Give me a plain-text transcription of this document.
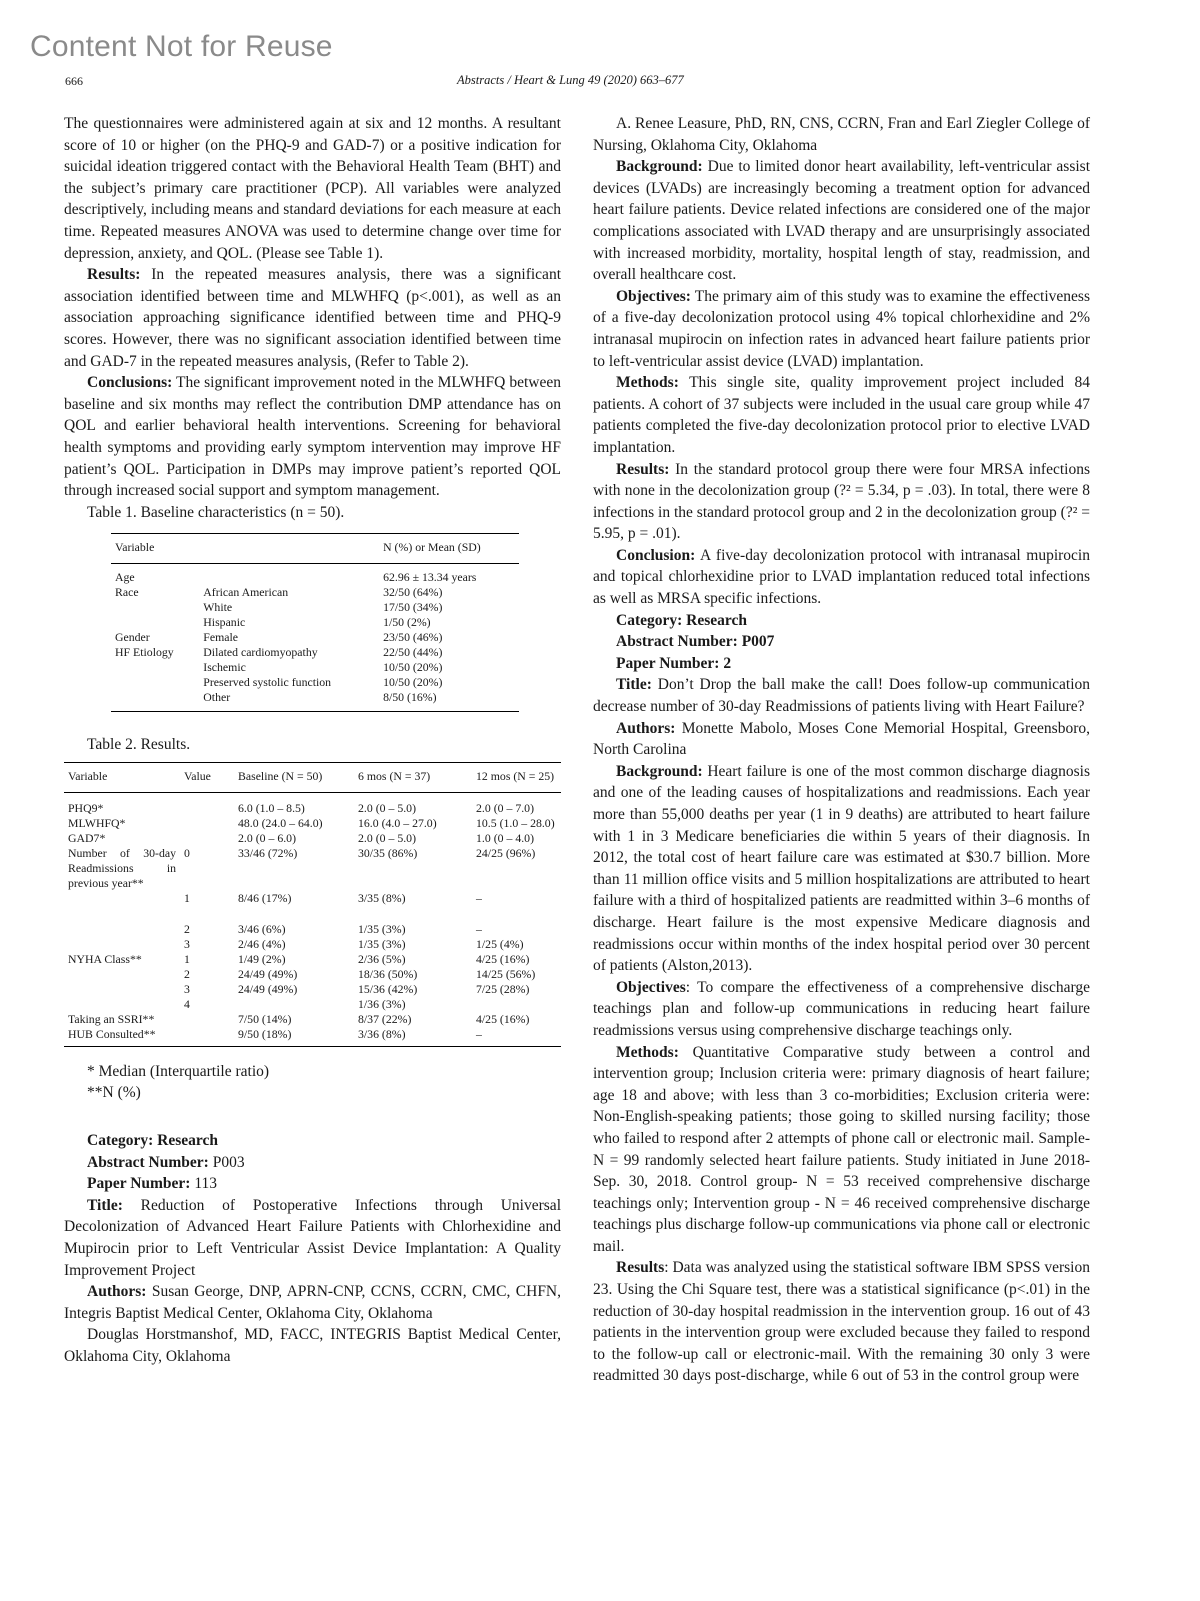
Content Not for Reuse
666	Abstracts / Heart & Lung 49 (2020) 663–677

The questionnaires were administered again at six and 12 months. A resultant score of 10 or higher (on the PHQ-9 and GAD-7) or a positive indication for suicidal ideation triggered contact with the Behavioral Health Team (BHT) and the subject’s primary care practitioner (PCP). All variables were analyzed descriptively, including means and standard deviations for each measure at each time. Repeated measures ANOVA was used to determine change over time for depression, anxiety, and QOL. (Please see Table 1).

Results: In the repeated measures analysis, there was a significant association identified between time and MLWHFQ (p<.001), as well as an association approaching significance identified between time and PHQ-9 scores. However, there was no significant association identified between time and GAD-7 in the repeated measures analysis, (Refer to Table 2).

Conclusions: The significant improvement noted in the MLWHFQ between baseline and six months may reflect the contribution DMP attendance has on QOL and earlier behavioral health interventions. Screening for behavioral health symptoms and providing early symptom intervention may improve HF patient’s QOL. Participation in DMPs may improve patient’s reported QOL through increased social support and symptom management.

Table 1. Baseline characteristics (n = 50).
Variable		N (%) or Mean (SD)
Age		62.96 ± 13.34 years
Race	African American	32/50 (64%)
	White	17/50 (34%)
	Hispanic	1/50 (2%)
Gender	Female	23/50 (46%)
HF Etiology	Dilated cardiomyopathy	22/50 (44%)
	Ischemic	10/50 (20%)
	Preserved systolic function	10/50 (20%)
	Other	8/50 (16%)
Table 2. Results.
Variable	Value	Baseline (N = 50)	6 mos (N = 37)	12 mos (N = 25)
PHQ9*		6.0 (1.0 – 8.5)	2.0 (0 – 5.0)	2.0 (0 – 7.0)
MLWHFQ*		48.0 (24.0 – 64.0)	16.0 (4.0 – 27.0)	10.5 (1.0 – 28.0)
GAD7*		2.0 (0 – 6.0)	2.0 (0 – 5.0)	1.0 (0 – 4.0)
Number of 30-day Readmissions in previous year**	0	33/46 (72%)	30/35 (86%)	24/25 (96%)
	1	8/46 (17%)	3/35 (8%)	–

	2	3/46 (6%)	1/35 (3%)	–
	3	2/46 (4%)	1/35 (3%)	1/25 (4%)
NYHA Class**	1	1/49 (2%)	2/36 (5%)	4/25 (16%)
	2	24/49 (49%)	18/36 (50%)	14/25 (56%)
	3	24/49 (49%)	15/36 (42%)	7/25 (28%)
	4		1/36 (3%)	
Taking an SSRI**		7/50 (14%)	8/37 (22%)	4/25 (16%)
HUB Consulted**		9/50 (18%)	3/36 (8%)	–
* Median (Interquartile ratio)
**N (%)

Category: Research

Abstract Number: P003

Paper Number: 113

Title: Reduction of Postoperative Infections through Universal Decolonization of Advanced Heart Failure Patients with Chlorhexidine and Mupirocin prior to Left Ventricular Assist Device Implantation: A Quality Improvement Project

Authors: Susan George, DNP, APRN-CNP, CCNS, CCRN, CMC, CHFN, Integris Baptist Medical Center, Oklahoma City, Oklahoma

Douglas Horstmanshof, MD, FACC, INTEGRIS Baptist Medical Center, Oklahoma City, Oklahoma

A. Renee Leasure, PhD, RN, CNS, CCRN, Fran and Earl Ziegler College of Nursing, Oklahoma City, Oklahoma

Background: Due to limited donor heart availability, left-ventricular assist devices (LVADs) are increasingly becoming a treatment option for advanced heart failure patients. Device related infections are considered one of the major complications associated with LVAD therapy and are unsurprisingly associated with increased morbidity, mortality, hospital length of stay, readmission, and overall healthcare cost.

Objectives: The primary aim of this study was to examine the effectiveness of a five-day decolonization protocol using 4% topical chlorhexidine and 2% intranasal mupirocin on infection rates in advanced heart failure patients prior to left-ventricular assist device (LVAD) implantation.

Methods: This single site, quality improvement project included 84 patients. A cohort of 37 subjects were included in the usual care group while 47 patients completed the five-day decolonization protocol prior to elective LVAD implantation.

Results: In the standard protocol group there were four MRSA infections with none in the decolonization group (?² = 5.34, p = .03). In total, there were 8 infections in the standard protocol group and 2 in the decolonization group (?² = 5.95, p = .01).

Conclusion: A five-day decolonization protocol with intranasal mupirocin and topical chlorhexidine prior to LVAD implantation reduced total infections as well as MRSA specific infections.

Category: Research

Abstract Number: P007

Paper Number: 2

Title: Don’t Drop the ball make the call! Does follow-up communication decrease number of 30-day Readmissions of patients living with Heart Failure?

Authors: Monette Mabolo, Moses Cone Memorial Hospital, Greensboro, North Carolina

Background: Heart failure is one of the most common discharge diagnosis and one of the leading causes of hospitalizations and readmissions. Each year more than 55,000 deaths per year (1 in 9 deaths) are attributed to heart failure with 1 in 3 Medicare beneficiaries die within 5 years of their diagnosis. In 2012, the total cost of heart failure care was estimated at $30.7 billion. More than 11 million office visits and 5 million hospitalizations are attributed to heart failure with a third of hospitalized patients are readmitted within 3–6 months of discharge. Heart failure is the most expensive Medicare diagnosis and readmissions occur within months of the index hospital period over 30 percent of patients (Alston,2013).

Objectives: To compare the effectiveness of a comprehensive discharge teachings plan and follow-up communications in reducing heart failure readmissions versus using comprehensive discharge teachings only.

Methods: Quantitative Comparative study between a control and intervention group; Inclusion criteria were: primary diagnosis of heart failure; age 18 and above; with less than 3 co-morbidities; Exclusion criteria were: Non-English-speaking patients; those going to skilled nursing facility; those who failed to respond after 2 attempts of phone call or electronic mail. Sample- N = 99 randomly selected heart failure patients. Study initiated in June 2018- Sep. 30, 2018. Control group- N = 53 received comprehensive discharge teachings only; Intervention group - N = 46 received comprehensive discharge teachings plus discharge follow-up communications via phone call or electronic mail.

Results: Data was analyzed using the statistical software IBM SPSS version 23. Using the Chi Square test, there was a statistical significance (p<.01) in the reduction of 30-day hospital readmission in the intervention group. 16 out of 43 patients in the intervention group were excluded because they failed to respond to the follow-up call or electronic-mail. With the remaining 30 only 3 were readmitted 30 days post-discharge, while 6 out of 53 in the control group were
